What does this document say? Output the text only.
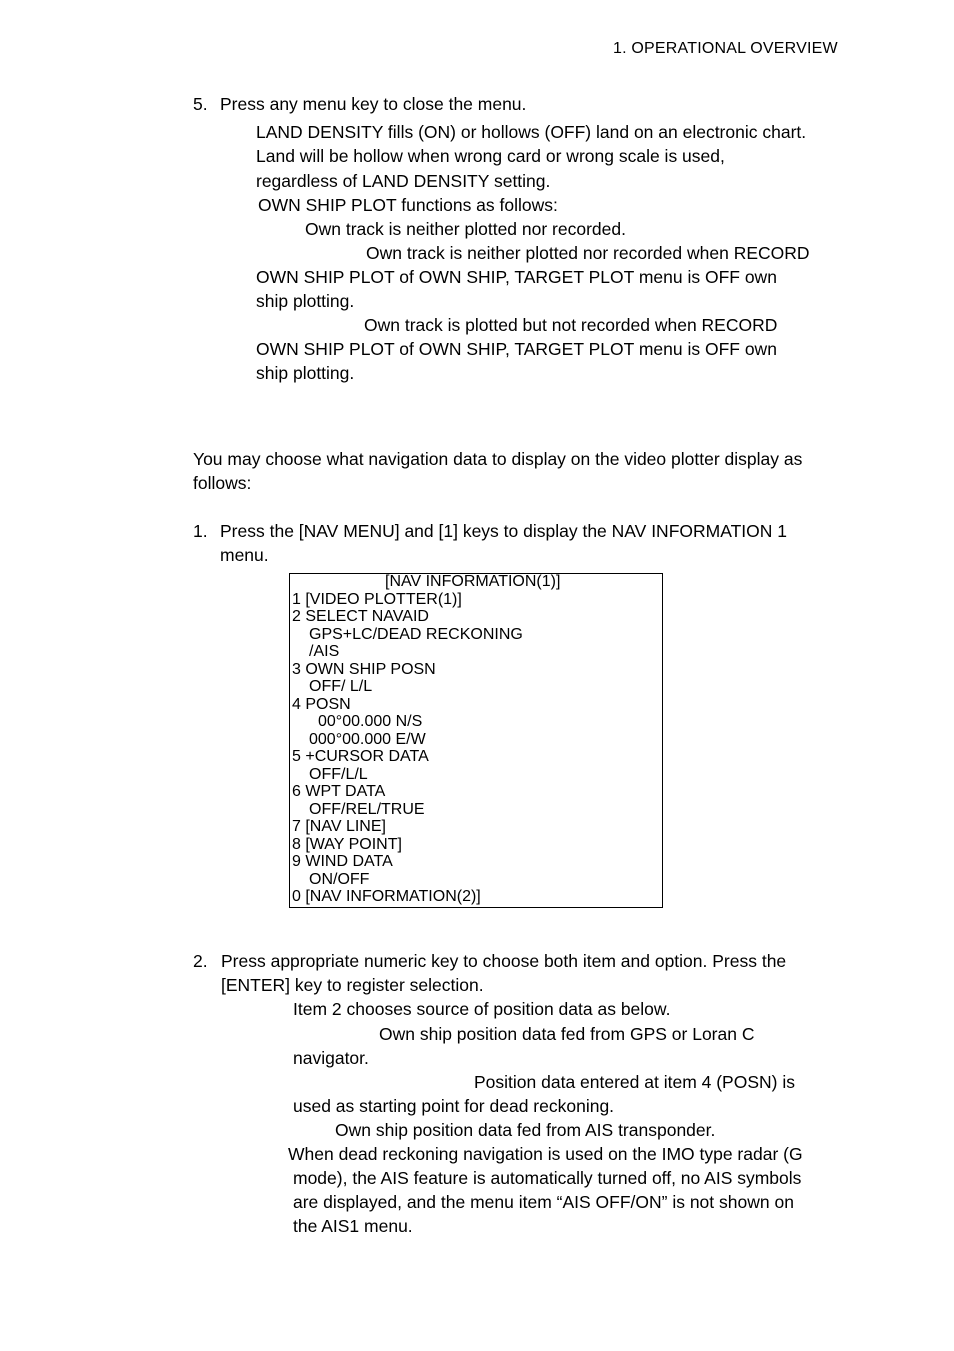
1. OPERATIONAL OVERVIEW
5. Press any menu key to close the menu.
LAND DENSITY fills (ON) or hollows (OFF) land on an electronic chart.
Land will be hollow when wrong card or wrong scale is used,
regardless of LAND DENSITY setting.
OWN SHIP PLOT functions as follows:
Own track is neither plotted nor recorded.
Own track is neither plotted nor recorded when RECORD
OWN SHIP PLOT of OWN SHIP, TARGET PLOT menu is OFF own
ship plotting.
Own track is plotted but not recorded when RECORD
OWN SHIP PLOT of OWN SHIP, TARGET PLOT menu is OFF own
ship plotting.
You may choose what navigation data to display on the video plotter display as
follows:
1. Press the [NAV MENU] and [1] keys to display the NAV INFORMATION 1
menu.
[NAV INFORMATION(1)]
1 [VIDEO PLOTTER(1)]
2 SELECT NAVAID
GPS+LC/DEAD RECKONING
/AIS
3 OWN SHIP POSN
OFF/ L/L
4 POSN
00°00.000 N/S
000°00.000 E/W
5 +CURSOR DATA
OFF/L/L
6 WPT DATA
OFF/REL/TRUE
7 [NAV LINE]
8 [WAY POINT]
9 WIND DATA
ON/OFF
0 [NAV INFORMATION(2)]
2. Press appropriate numeric key to choose both item and option. Press the
[ENTER] key to register selection.
Item 2 chooses source of position data as below.
Own ship position data fed from GPS or Loran C
navigator.
Position data entered at item 4 (POSN) is
used as starting point for dead reckoning.
Own ship position data fed from AIS transponder.
When dead reckoning navigation is used on the IMO type radar (G
mode), the AIS feature is automatically turned off, no AIS symbols
are displayed, and the menu item “AIS OFF/ON” is not shown on
the AIS1 menu.
